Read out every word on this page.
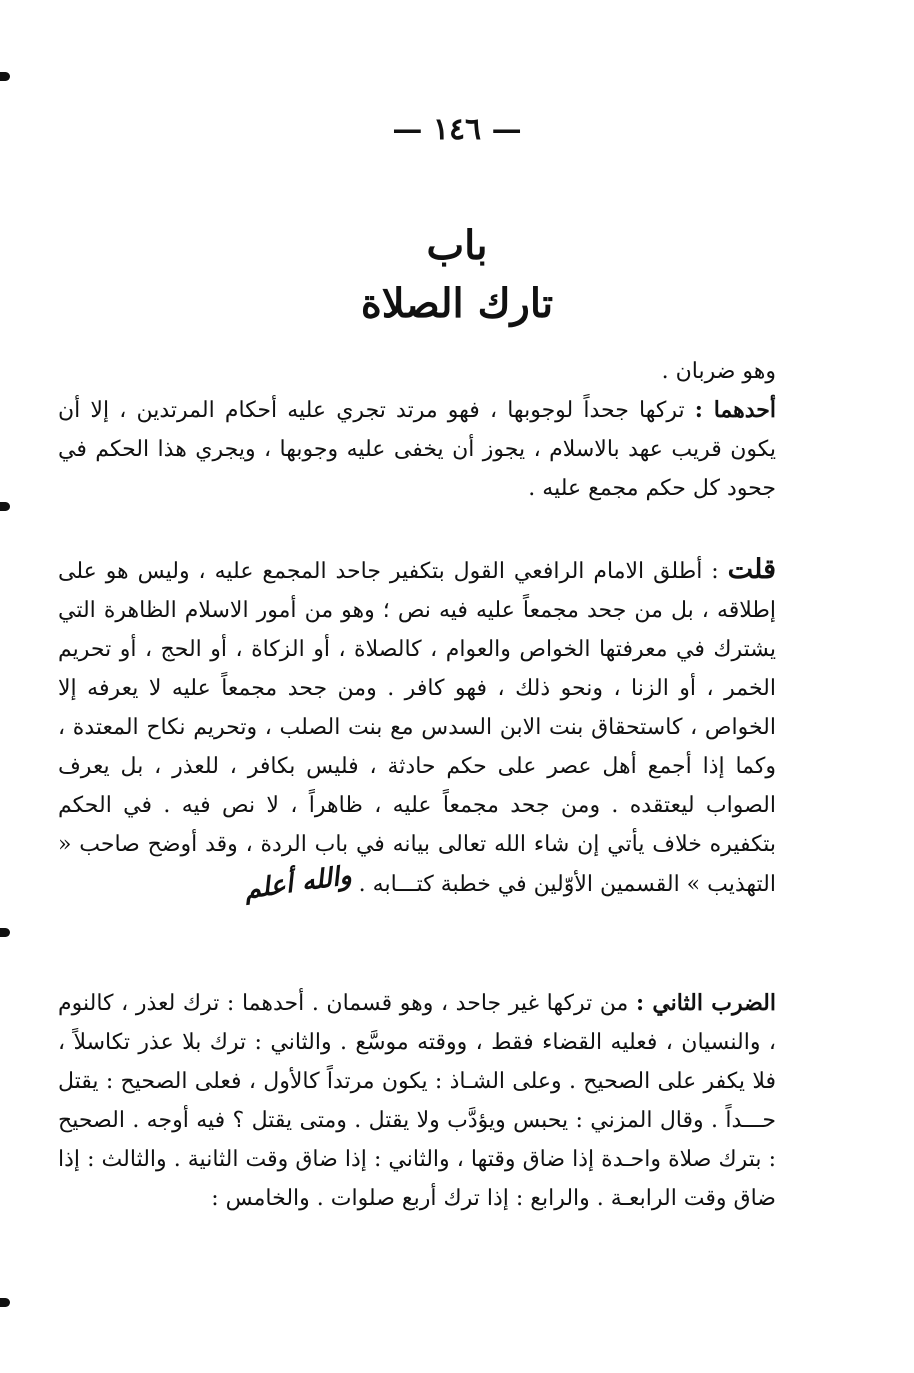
— ١٤٦ —
باب
تارك الصلاة
وهو ضربان .
أحدهما : تركها جحداً لوجوبها ، فهو مرتد تجري عليه أحكام المرتدين ، إلا أن يكون قريب عهد بالاسلام ، يجوز أن يخفى عليه وجوبها ، ويجري هذا الحكم في جحود كل حكم مجمع عليه .
قلت : أطلق الامام الرافعي القول بتكفير جاحد المجمع عليه ، وليس هو على إطلاقه ، بل من جحد مجمعاً عليه فيه نص ؛ وهو من أمور الاسلام الظاهرة التي يشترك في معرفتها الخواص والعوام ، كالصلاة ، أو الزكاة ، أو الحج ، أو تحريم الخمر ، أو الزنا ، ونحو ذلك ، فهو كافر . ومن جحد مجمعاً عليه لا يعرفه إلا الخواص ، كاستحقاق بنت الابن السدس مع بنت الصلب ، وتحريم نكاح المعتدة ، وكما إذا أجمع أهل عصر على حكم حادثة ، فليس بكافر ، للعذر ، بل يعرف الصواب ليعتقده . ومن جحد مجمعاً عليه ، ظاهراً ، لا نص فيه . في الحكم بتكفيره خلاف يأتي إن شاء الله تعالى بيانه في باب الردة ، وقد أوضح صاحب « التهذيب » القسمين الأوّلين في خطبة كتـــابه . والله أعلم
الضرب الثاني : من تركها غير جاحد ، وهو قسمان . أحدهما : ترك لعذر ، كالنوم ، والنسيان ، فعليه القضاء فقط ، ووقته موسَّع . والثاني : ترك بلا عذر تكاسلاً ، فلا يكفر على الصحيح . وعلى الشـاذ : يكون مرتداً كالأول ، فعلى الصحيح : يقتل حـــداً . وقال المزني : يحبس ويؤدَّب ولا يقتل . ومتى يقتل ؟ فيه أوجه . الصحيح : بترك صلاة واحـدة إذا ضاق وقتها ، والثاني : إذا ضاق وقت الثانية . والثالث : إذا ضاق وقت الرابعـة . والرابع : إذا ترك أربع صلوات . والخامس :
